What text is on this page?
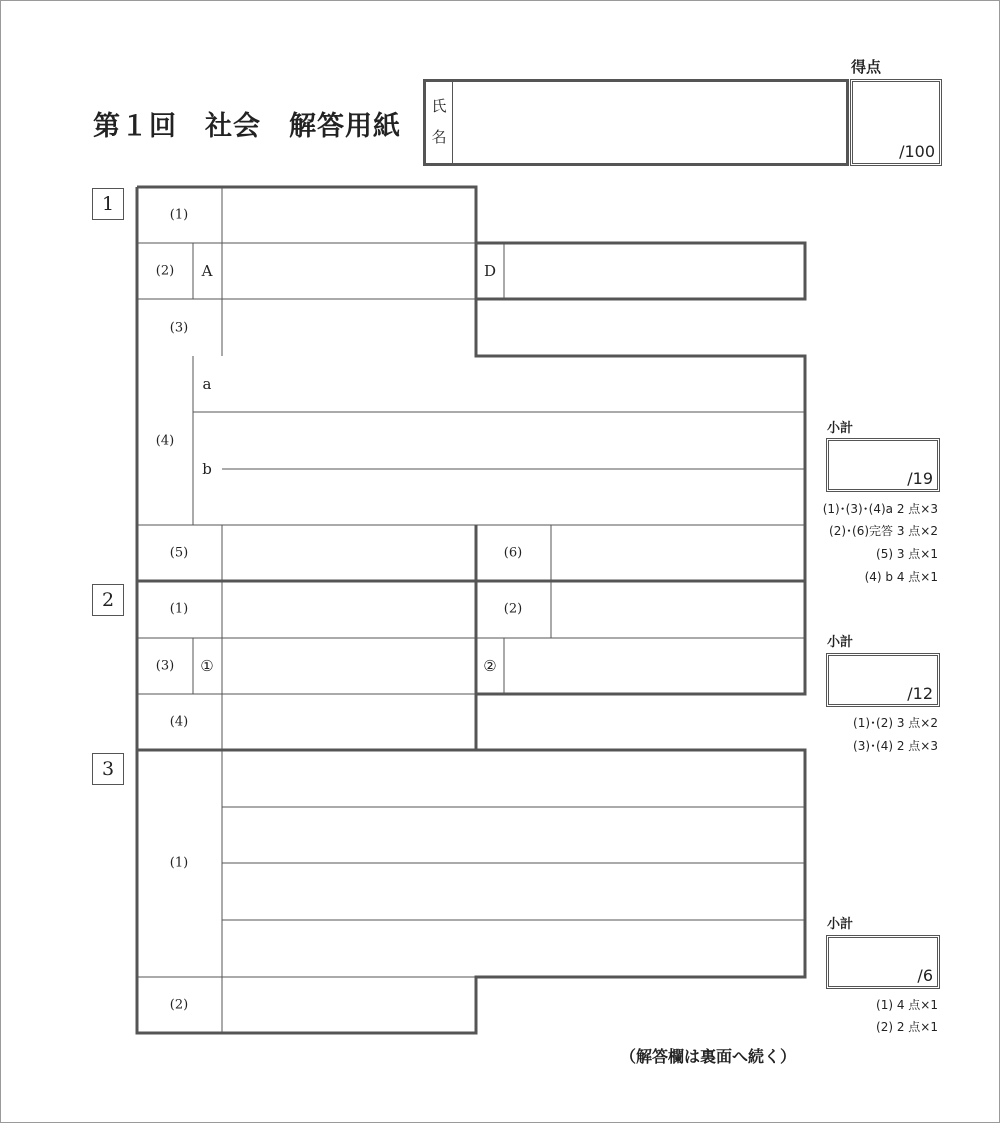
第１回　社会　解答用紙
氏
名
得点
/100
1
2
3
(1)
(2) A	D
(3)
(4)
a
b
(5)	(6)
(1)	(2)
(3) ①	②
(4)
(1)
(2)
小計
/19
(1)･(3)･(4)a 2 点×3
(2)･(6)完答 3 点×2
(5) 3 点×1
(4) b 4 点×1
小計
/12
(1)･(2) 3 点×2
(3)･(4) 2 点×3
小計
/6
(1) 4 点×1
(2) 2 点×1
（解答欄は裏面へ続く）
